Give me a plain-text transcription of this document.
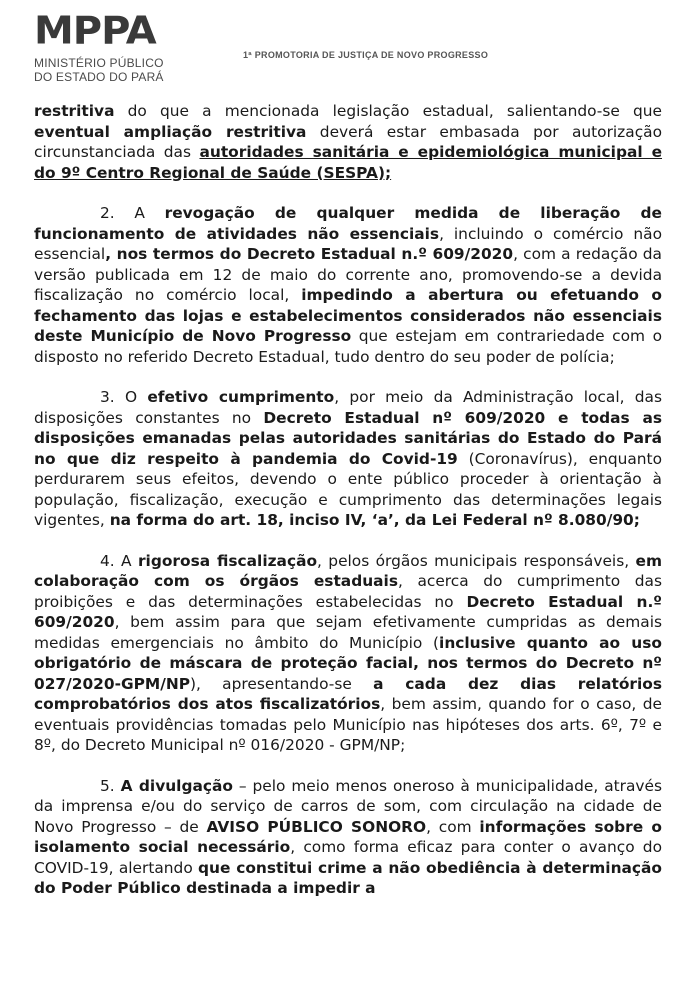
MPPA
MINISTÉRIO PÚBLICO
DO ESTADO DO PARÁ
1ª PROMOTORIA DE JUSTIÇA DE NOVO PROGRESSO

restritiva do que a mencionada legislação estadual, salientando-se que eventual ampliação restritiva deverá estar embasada por autorização circunstanciada das autoridades sanitária e epidemiológica municipal e do 9º Centro Regional de Saúde (SESPA);

2. A revogação de qualquer medida de liberação de funcionamento de atividades não essenciais, incluindo o comércio não essencial, nos termos do Decreto Estadual n.º 609/2020, com a redação da versão publicada em 12 de maio do corrente ano, promovendo-se a devida fiscalização no comércio local, impedindo a abertura ou efetuando o fechamento das lojas e estabelecimentos considerados não essenciais deste Município de Novo Progresso que estejam em contrariedade com o disposto no referido Decreto Estadual, tudo dentro do seu poder de polícia;

3. O efetivo cumprimento, por meio da Administração local, das disposições constantes no Decreto Estadual nº 609/2020 e todas as disposições emanadas pelas autoridades sanitárias do Estado do Pará no que diz respeito à pandemia do Covid-19 (Coronavírus), enquanto perdurarem seus efeitos, devendo o ente público proceder à orientação à população, fiscalização, execução e cumprimento das determinações legais vigentes, na forma do art. 18, inciso IV, ‘a’, da Lei Federal nº 8.080/90;

4. A rigorosa fiscalização, pelos órgãos municipais responsáveis, em colaboração com os órgãos estaduais, acerca do cumprimento das proibições e das determinações estabelecidas no Decreto Estadual n.º 609/2020, bem assim para que sejam efetivamente cumpridas as demais medidas emergenciais no âmbito do Município (inclusive quanto ao uso obrigatório de máscara de proteção facial, nos termos do Decreto nº 027/2020-GPM/NP), apresentando-se a cada dez dias relatórios comprobatórios dos atos fiscalizatórios, bem assim, quando for o caso, de eventuais providências tomadas pelo Município nas hipóteses dos arts. 6º, 7º e 8º, do Decreto Municipal nº 016/2020 - GPM/NP;

5. A divulgação – pelo meio menos oneroso à municipalidade, através da imprensa e/ou do serviço de carros de som, com circulação na cidade de Novo Progresso – de AVISO PÚBLICO SONORO, com informações sobre o isolamento social necessário, como forma eficaz para conter o avanço do COVID-19, alertando que constitui crime a não obediência à determinação do Poder Público destinada a impedir a
